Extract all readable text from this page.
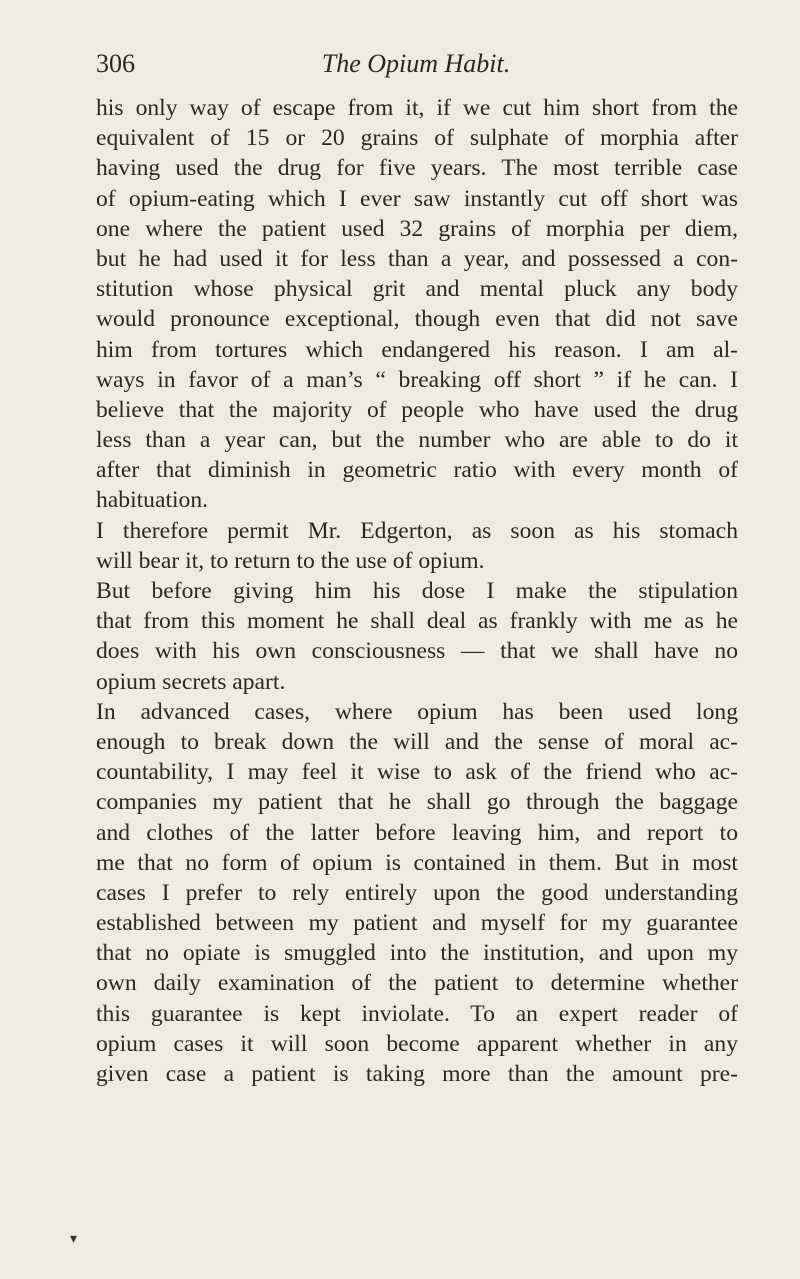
306	The Opium Habit.
his only way of escape from it, if we cut him short from the
equivalent of 15 or 20 grains of sulphate of morphia after
having used the drug for five years. The most terrible case
of opium-eating which I ever saw instantly cut off short was
one where the patient used 32 grains of morphia per diem,
but he had used it for less than a year, and possessed a con-
stitution whose physical grit and mental pluck any body
would pronounce exceptional, though even that did not save
him from tortures which endangered his reason. I am al-
ways in favor of a man’s “ breaking off short ” if he can. I
believe that the majority of people who have used the drug
less than a year can, but the number who are able to do it
after that diminish in geometric ratio with every month of
habituation.
I therefore permit Mr. Edgerton, as soon as his stomach
will bear it, to return to the use of opium.
But before giving him his dose I make the stipulation
that from this moment he shall deal as frankly with me as he
does with his own consciousness — that we shall have no
opium secrets apart.
In advanced cases, where opium has been used long
enough to break down the will and the sense of moral ac-
countability, I may feel it wise to ask of the friend who ac-
companies my patient that he shall go through the baggage
and clothes of the latter before leaving him, and report to
me that no form of opium is contained in them. But in most
cases I prefer to rely entirely upon the good understanding
established between my patient and myself for my guarantee
that no opiate is smuggled into the institution, and upon my
own daily examination of the patient to determine whether
this guarantee is kept inviolate. To an expert reader of
opium cases it will soon become apparent whether in any
given case a patient is taking more than the amount pre-
▾
